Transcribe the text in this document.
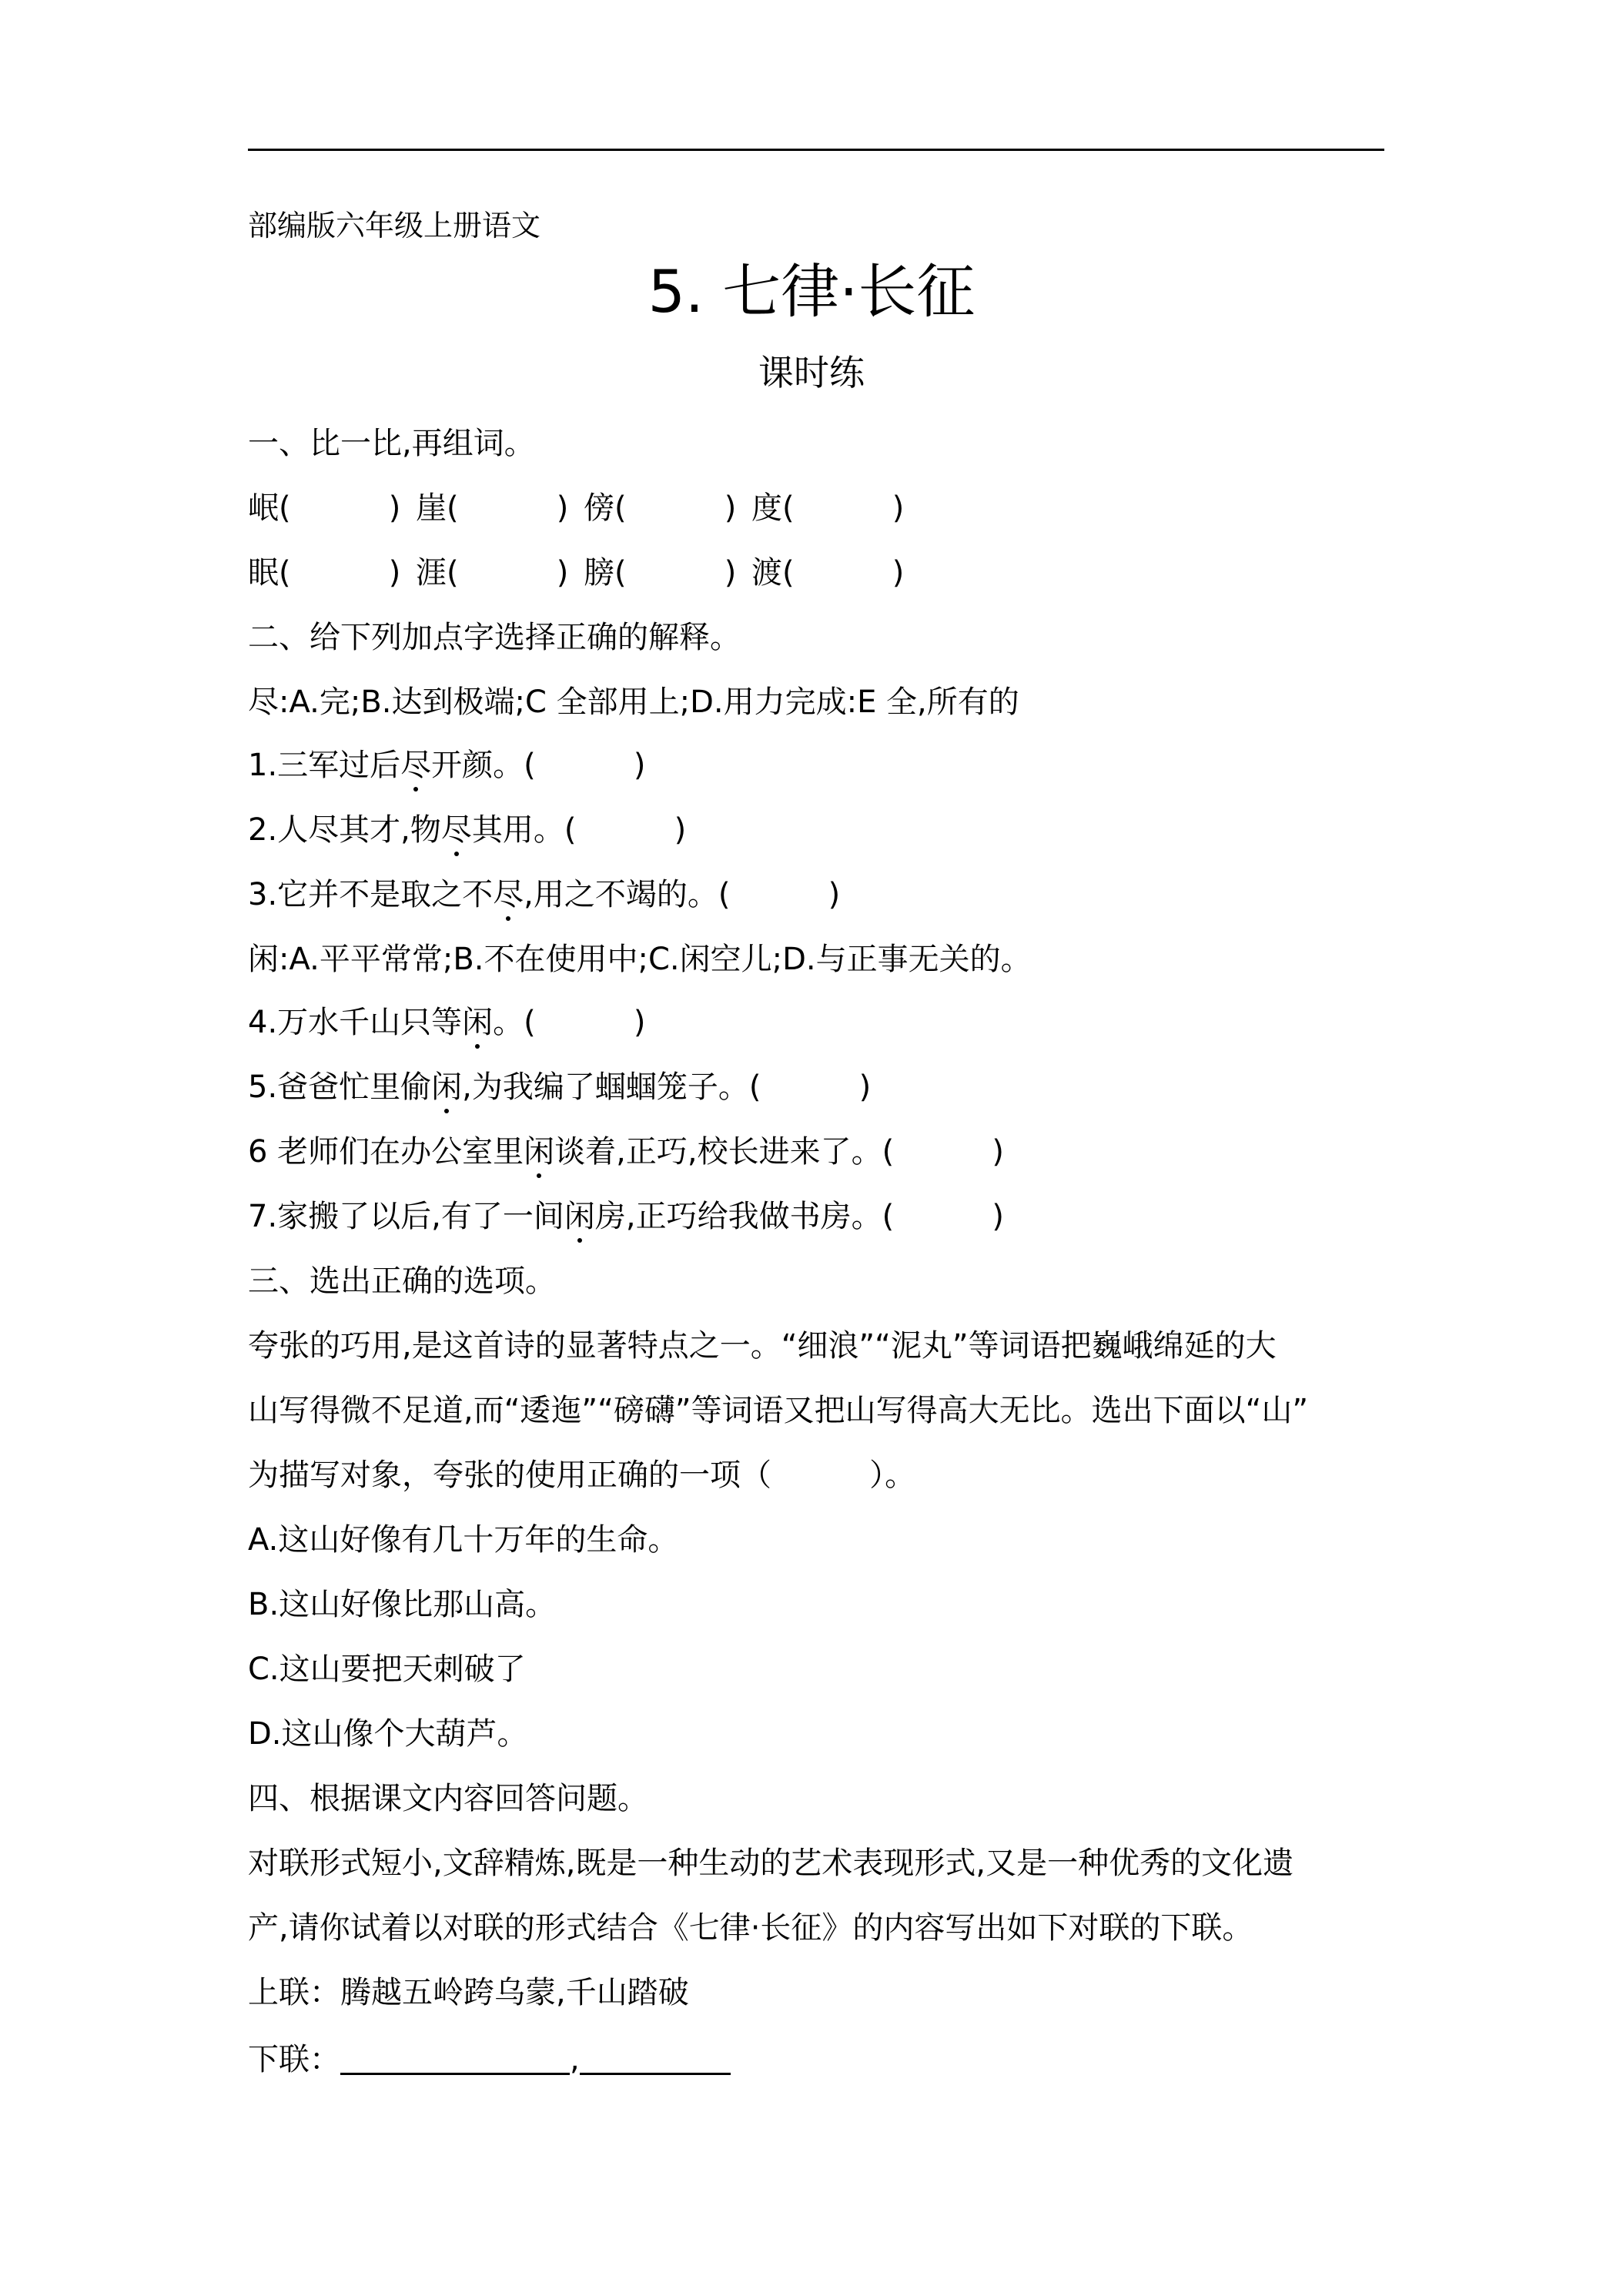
部编版六年级上册语文
5. 七律·长征
课时练
一、比一比,再组词。
岷(          ) 崖(          ) 傍(          ) 度(          )
眠(          ) 涯(          ) 膀(          ) 渡(          )
二、给下列加点字选择正确的解释。
尽:A.完;B.达到极端;C 全部用上;D.用力完成:E 全,所有的
1.三军过后尽开颜。(          )
2.人尽其才,物尽其用。(          )
3.它并不是取之不尽,用之不竭的。(          )
闲:A.平平常常;B.不在使用中;C.闲空儿;D.与正事无关的。
4.万水千山只等闲。(          )
5.爸爸忙里偷闲,为我编了蝈蝈笼子。(          )
6 老师们在办公室里闲谈着,正巧,校长进来了。(          )
7.家搬了以后,有了一间闲房,正巧给我做书房。(          )
三、选出正确的选项。
夸张的巧用,是这首诗的显著特点之一。“细浪”“泥丸”等词语把巍峨绵延的大
山写得微不足道,而“逶迤”“磅礴”等词语又把山写得高大无比。选出下面以“山”
为描写对象，夸张的使用正确的一项（          ）。
A.这山好像有几十万年的生命。
B.这山好像比那山高。
C.这山要把天刺破了
D.这山像个大葫芦。
四、根据课文内容回答问题。
对联形式短小,文辞精炼,既是一种生动的艺术表现形式,又是一种优秀的文化遗
产,请你试着以对联的形式结合《七律·长征》的内容写出如下对联的下联。
上联：腾越五岭跨乌蒙,千山踏破
下联：	,
